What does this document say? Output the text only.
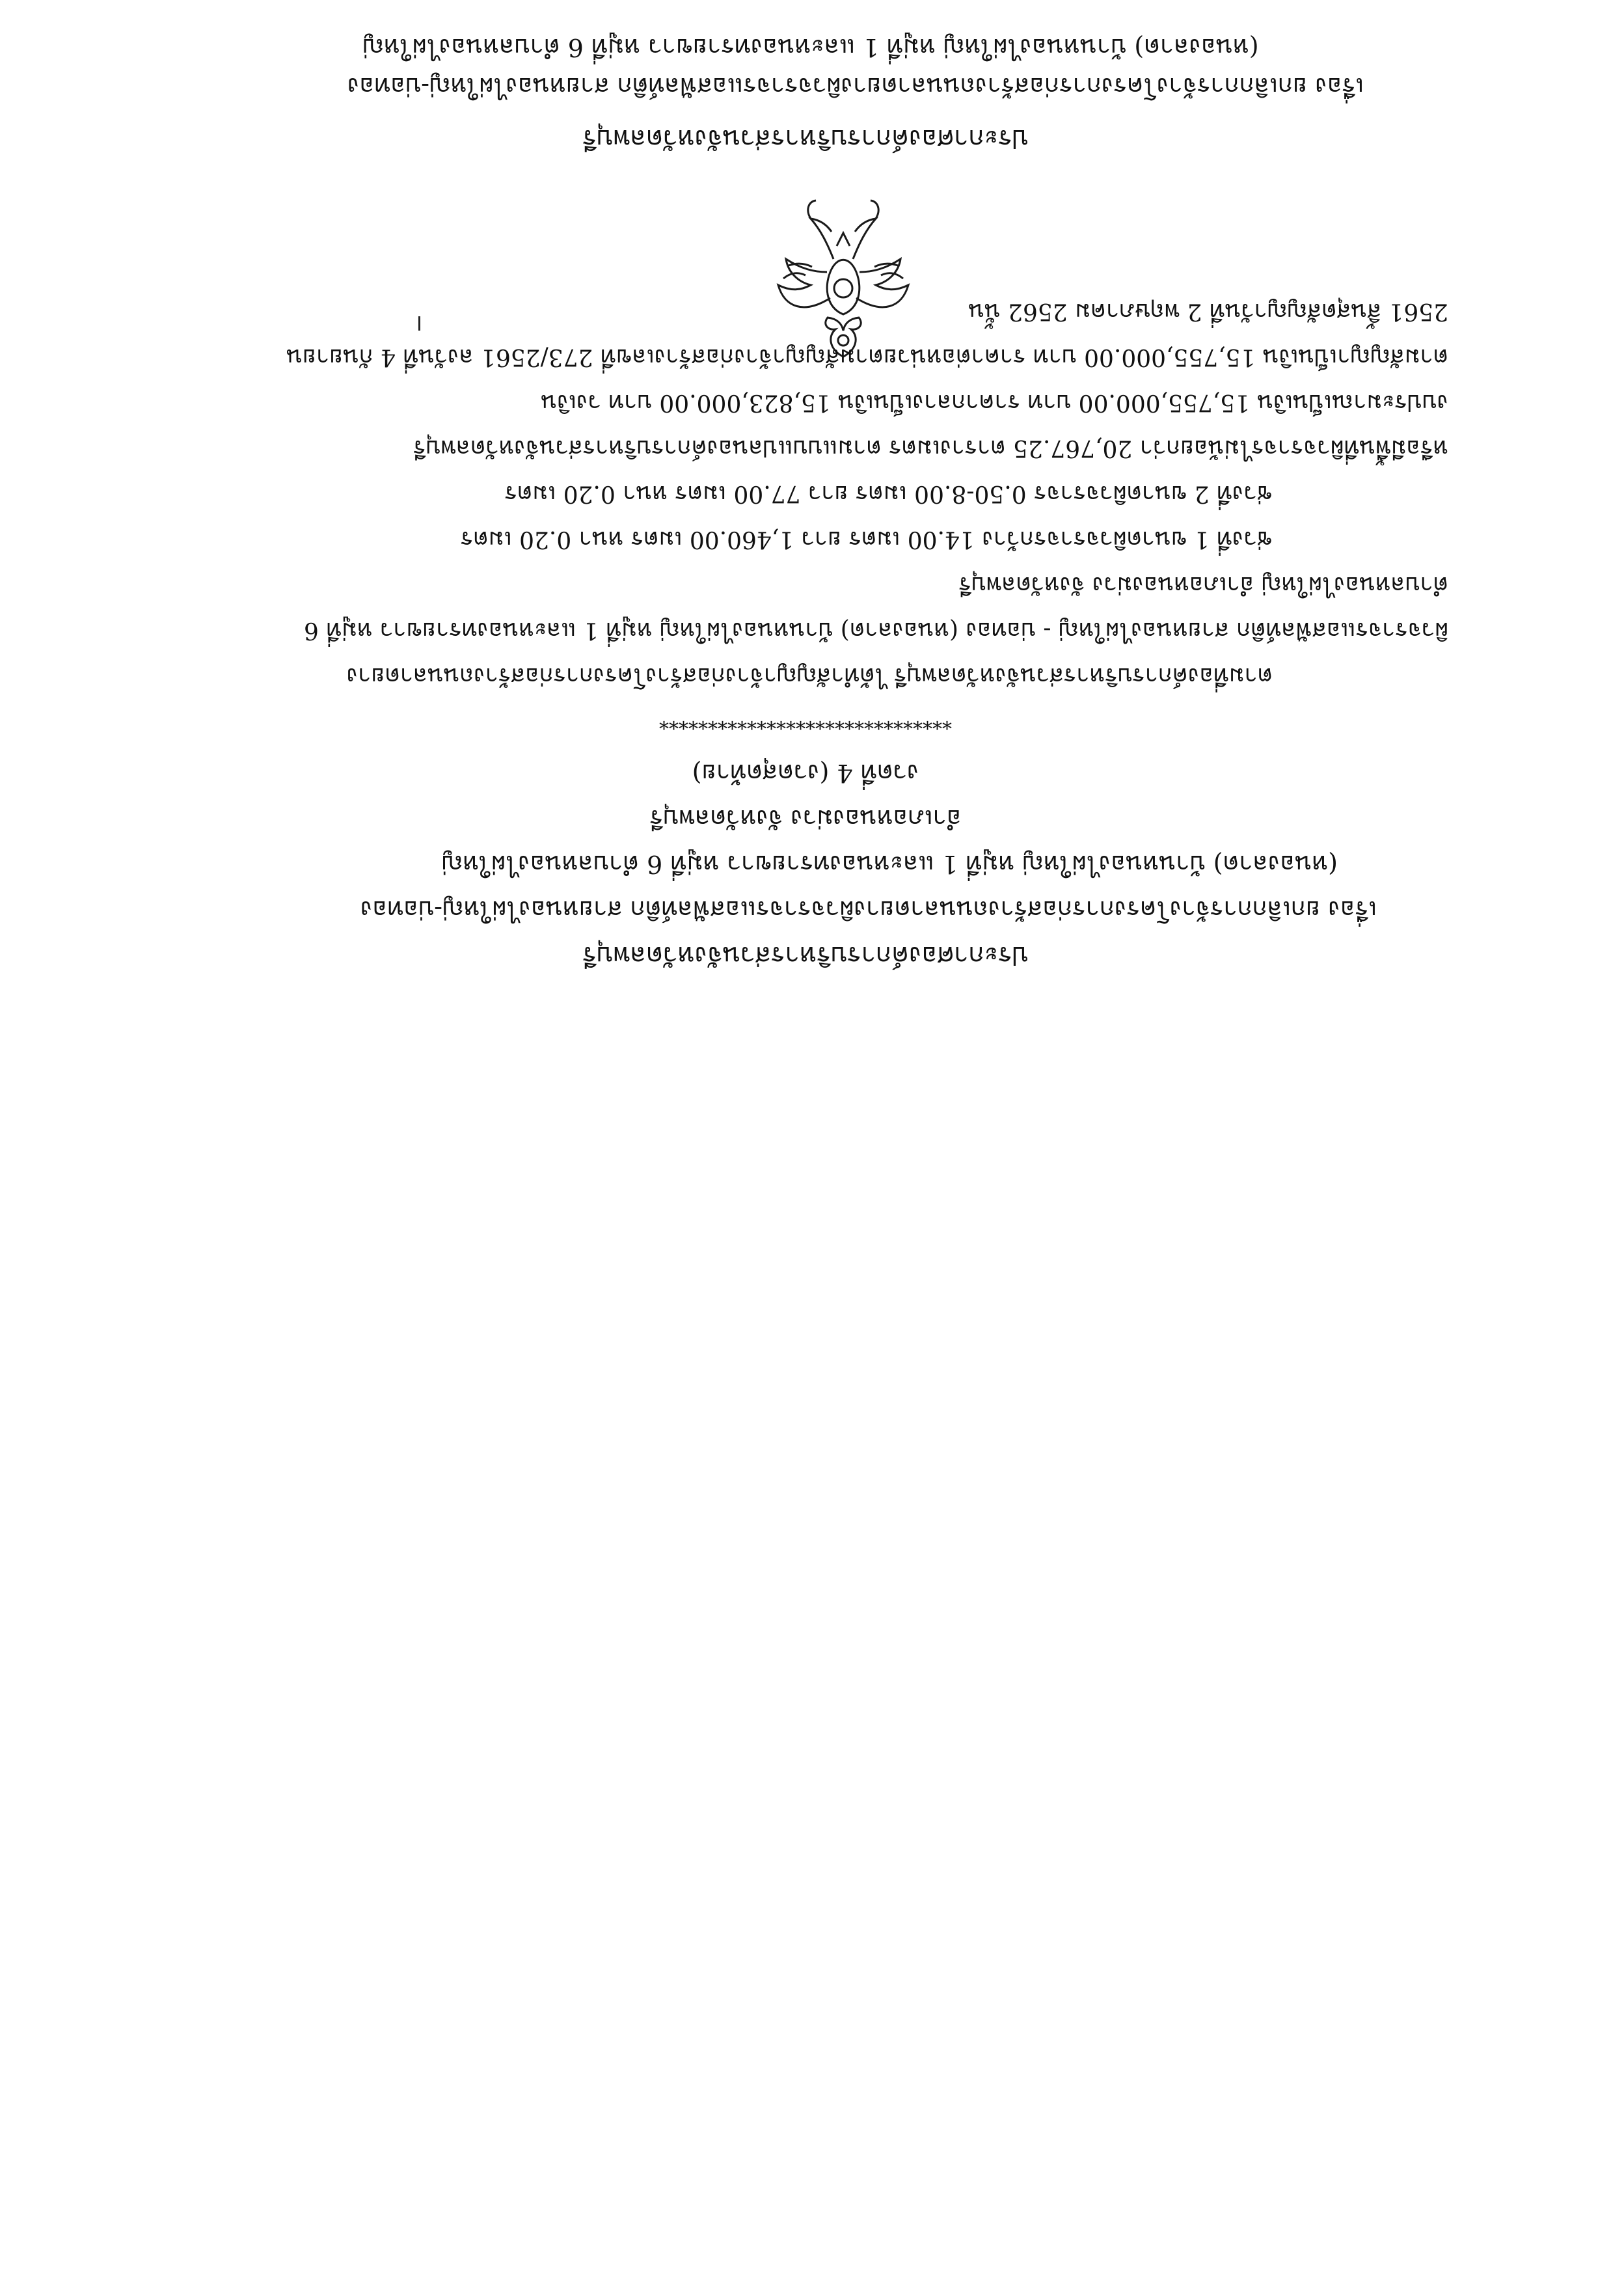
ประกาศองค์การบริหารส่วนจังหวัดลพบุรี
เรื่อง ยกเลิกการจ้างโครงการก่อสร้างถนนลาดยางผิวจราจรแอสฟัลท์ติก สายหนองไผ่ใหญ่-บ่อทอง
(หนองลาด) บ้านหนองไผ่ใหญ่ หมู่ที่ 1 และหนองทรายขาว หมู่ที่ 6 ตำบลหนองไผ่ใหญ่
ประกาศองค์การบริหารส่วนจังหวัดลพบุรี
เรื่อง ยกเลิกการจ้างโครงการก่อสร้างถนนลาดยางผิวจราจรแอสฟัลท์ติก สายหนองไผ่ใหญ่-บ่อทอง
(หนองลาด) บ้านหนองไผ่ใหญ่ หมู่ที่ 1 และหนองทรายขาว หมู่ที่ 6 ตำบลหนองไผ่ใหญ่
อำเภอหนองม่วง จังหวัดลพบุรี
งวดที่ 4 (งวดสุดท้าย)
******************************
ตามที่องค์การบริหารส่วนจังหวัดลพบุรี ได้ทำสัญญาจ้างก่อสร้างโครงการก่อสร้างถนนลาดยาง
ผิวจราจรแอสฟัลท์ติก สายหนองไผ่ใหญ่ - บ่อทอง (หนองลาด) บ้านหนองไผ่ใหญ่ หมู่ที่ 1 และหนองทรายขาว หมู่ที่ 6
ตำบลหนองไผ่ใหญ่ อำเภอหนองม่วง จังหวัดลพบุรี
ช่วงที่ 1 ขนาดผิวจราจรกว้าง 14.00 เมตร ยาว 1,460.00 เมตร หนา 0.20 เมตร
ช่วงที่ 2 ขนาดผิวจราจร 0.50-8.00 เมตร ยาว 77.00 เมตร หนา 0.20 เมตร
หรือมีพื้นที่ผิวจราจรไม่น้อยกว่า 20,767.25 ตารางเมตร ตามแบบแปลนองค์การบริหารส่วนจังหวัดลพบุรี
งบประมาณเป็นเงิน 15,755,000.00 บาท ราคากลางเป็นเงิน 15,823,000.00 บาท วงเงิน
ตามสัญญาเป็นเงิน 15,755,000.00 บาท ราคาต่อหน่วยตามสัญญาจ้างก่อสร้างเลขที่ 273/2561 ลงวันที่ 4 กันยายน
2561 สิ้นสุดสัญญาวันที่ 2 พฤษภาคม 2562 นั้น
